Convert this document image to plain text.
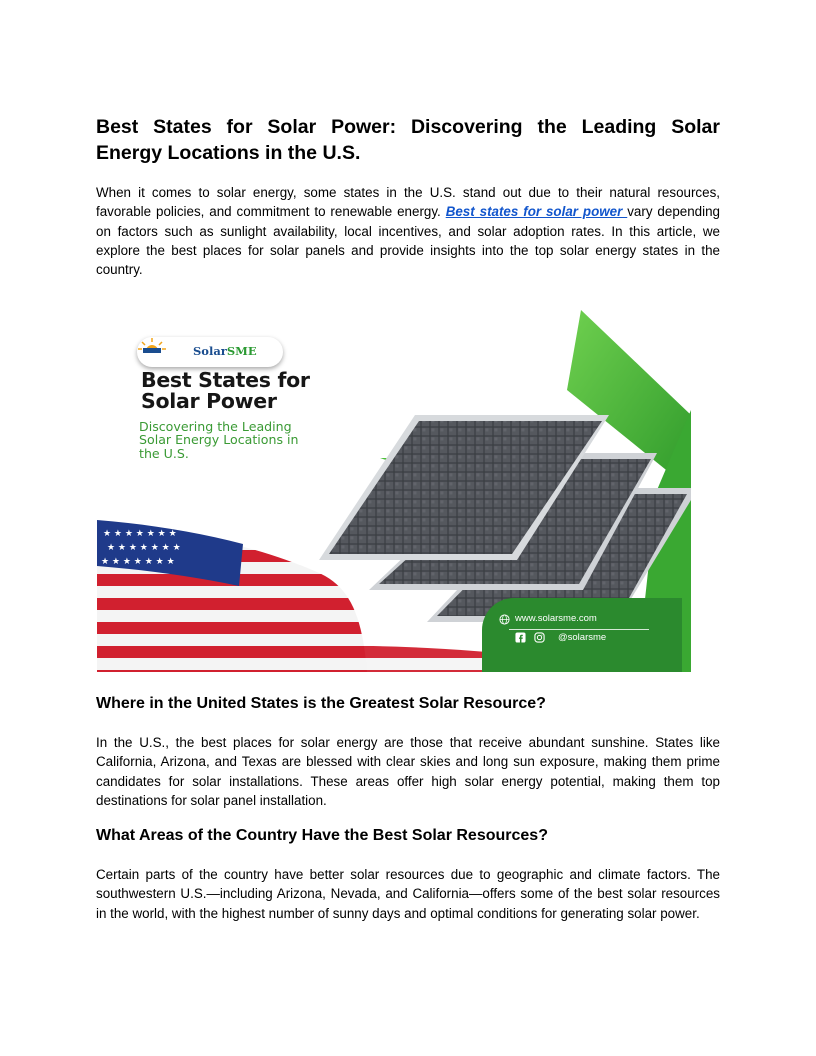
Best States for Solar Power: Discovering the Leading Solar
Energy Locations in the U.S.

When it comes to solar energy, some states in the U.S. stand out due to their natural resources, favorable policies, and commitment to renewable energy. Best states for solar power vary depending on factors such as sunlight availability, local incentives, and solar adoption rates. In this article, we explore the best places for solar panels and provide insights into the top solar energy states in the country.

Where in the United States is the Greatest Solar Resource?

In the U.S., the best places for solar energy are those that receive abundant sunshine. States like California, Arizona, and Texas are blessed with clear skies and long sun exposure, making them prime candidates for solar installations. These areas offer high solar energy potential, making them top destinations for solar panel installation.

What Areas of the Country Have the Best Solar Resources?

Certain parts of the country have better solar resources due to geographic and climate factors. The southwestern U.S.—including Arizona, Nevada, and California—offers some of the best solar resources in the world, with the highest number of sunny days and optimal conditions for generating solar power.

★ ★ ★ ★ ★ ★ ★
★ ★ ★ ★ ★ ★ ★
★ ★ ★ ★ ★ ★ ★
SolarSME
Best States for
Solar Power
Discovering the Leading
Solar Energy Locations in
the U.S.
www.solarsme.com
@solarsme
